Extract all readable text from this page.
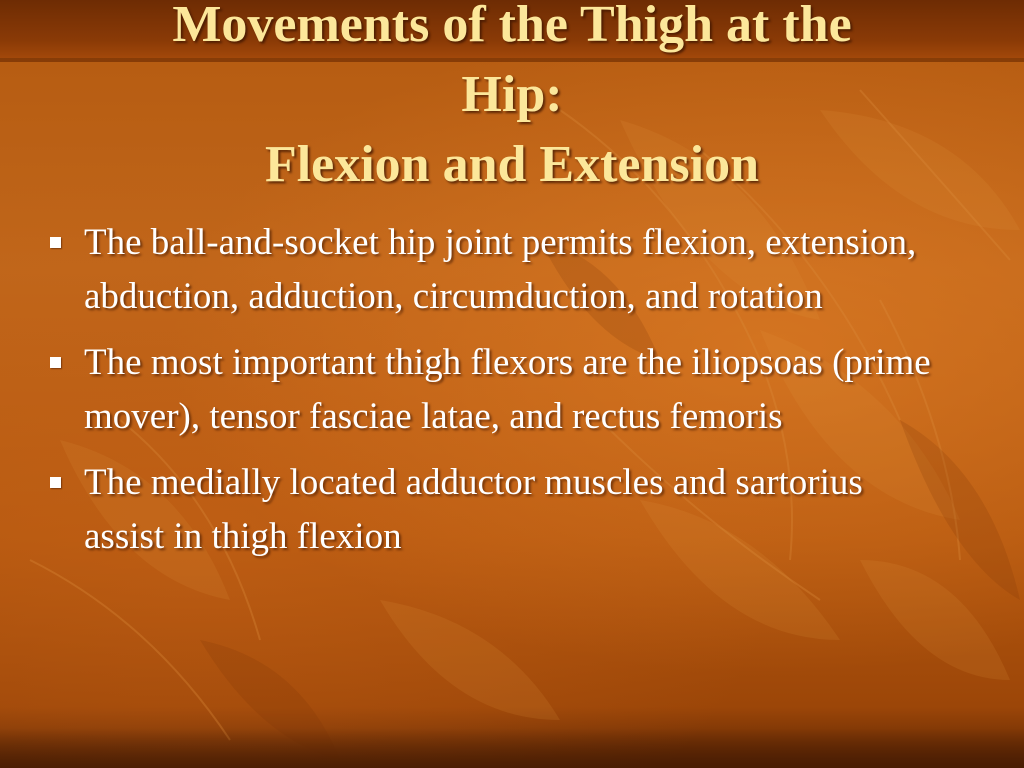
Movements of the Thigh at the
Hip:
Flexion and Extension
The ball-and-socket hip joint permits flexion, extension, abduction, adduction, circumduction, and rotation
The most important thigh flexors are the iliopsoas (prime mover), tensor fasciae latae, and rectus femoris
The medially located adductor muscles and sartorius assist in thigh flexion
